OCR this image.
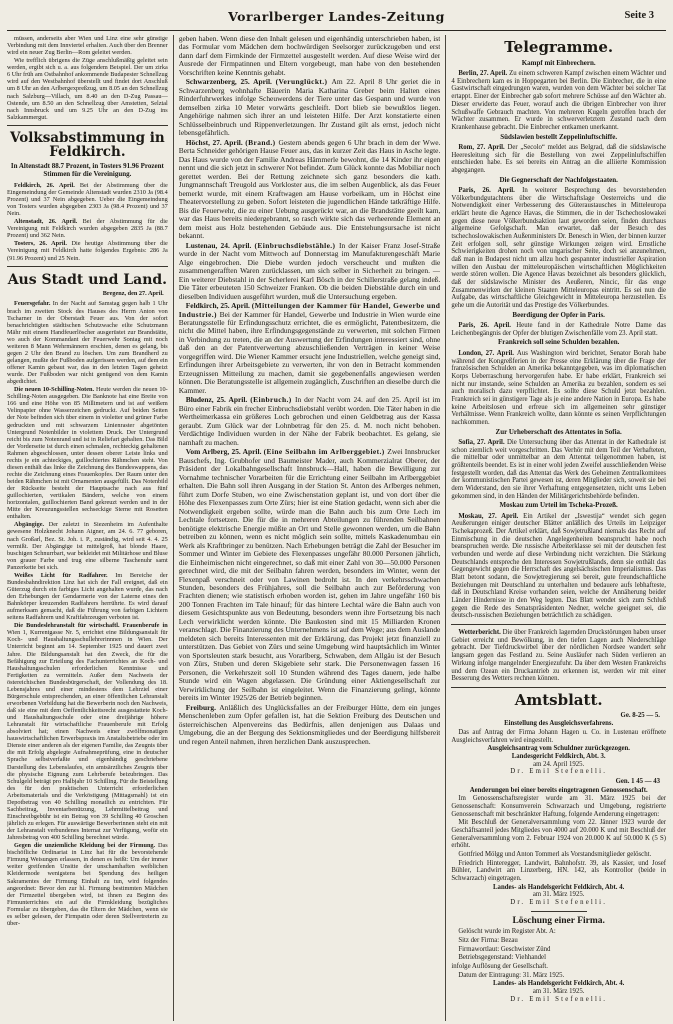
Vorarlberger Landes-Zeitung	Seite 3

müssen, anderseits aber Wien und Linz eine sehr günstige Verbindung mit dem Innviertel erhalten. Auch über den Brenner wird ein neuer Zug Berlin—Rom geleitet werden.

Wie trefflich übrigens die Züge anschlußmäßig geleitet sein werden, ergibt sich u. a. aus folgendem Beispiel. Der um zirka 6 Uhr früh am Ostbahnhof ankommende Budapester Schnellzug wird auf den Westbahnhof überstellt und findet dort Anschluß um 8 Uhr an den Arlbergexpreßzug, um 8.05 an den Schnellzug nach Salzburg—Villach, um 8.40 an den D-Zug Passau—Ostende, um 8.50 an den Schnellzug über Amstetten, Selztal nach Innsbruck und um 9.25 Uhr an den D-Zug ins Salzkammergut.

Volksabstimmung in Feldkirch.
In Altenstadt 88.7 Prozent, in Tosters 91.96 Prozent Stimmen für die Vereinigung.

Feldkirch, 26. April. Bei der Abstimmung über die Eingemeindung der Gemeinde Altenstadt wurden 2310 Ja (98.4 Prozent) und 37 Nein abgegeben. Ueber die Eingemeindung von Tosters wurden abgegeben 2303 Ja (98.4 Prozent) und 37 Nein.

Altenstadt, 26. April. Bei der Abstimmung für die Vereinigung mit Feldkirch wurden abgegeben 2835 Ja (88.7 Prozent) und 362 Nein.

Tosters, 26. April. Die heutige Abstimmung über die Vereinigung mit Feldkirch hatte folgendes Ergebnis: 286 Ja (91.96 Prozent) und 25 Nein.

Aus Stadt und Land.
Bregenz, den 27. April.

Feuersgefahr. In der Nacht auf Samstag gegen halb 1 Uhr brach im zweiten Stock des Hauses des Herrn Anton von Tscharner in der Oberstadt Feuer aus. Von der sofort benachrichtigten städtischen Schutzwache eilte Schutzmann Mähr mit einem Handfeuerlöscher ausgerüstet zur Brandstätte, wo auch der Kommandant der Feuerwehr Sontag mit noch weiteren 8 Mann Wehrmännern erschien, denen es gelang, bis gegen 2 Uhr den Brand zu löschen. Um zum Brandherd zu gelangen, mußte der Fußboden aufgerissen werden, auf dem ein offener Kamin gebaut war, das in den letzten Tagen geheizt wurde. Der Fußboden war nicht genügend von dem Kamin abgedichtet.

Die neuen 10-Schilling-Noten. Heute werden die neuen 10-Schilling-Noten ausgegeben. Die Banknote hat eine Breite von 166 und eine Höhe von 85 Millimetern und ist auf weißem Velinpapier ohne Wasserzeichen gedruckt. Auf beiden Seiten der Note befinden sich über einem in violetter und grüner Farbe gedruckten und mit schwarzem Linienraster abgetönten Untergrund Notenbilder in violettem Druck. Der Untergrund reicht bis zum Notenrand und ist in Reliefart gehalten. Das Bild der Vorderseite ist durch einen schmalen, rechteckig gehaltenen Rahmen abgeschlossen, unter dessen oberer Leiste links und rechts je ein achteckiges, guillochiertes Rähmchen steht. Von diesen enthält das linke die Zeichnung des Bundeswappens, das rechte die Zeichnung eines Frauenkopfes. Der Raum unter den beiden Rähmchen ist mit Ornamenten ausgefüllt. Das Notenbild der Rückseite besteht der Hauptsache nach aus fünf guillochierten, vertikalen Bändern, welche von einem horizontalen, guillochierten Band gekreuzt werden und in der Mitte der Kreuzungsstellen sechseckige Sterne mit Rosetten enthalten.

Abgängige. Der zuletzt in Siezenheim im Aufenthalte gewesene Holzknecht Johann Aigner, am 24. 6. 77 geboren, nach Großarl, Bez. St. Joh. i. P., zuständig, wird seit 4. 4. 25 vermißt. Der Abgängige ist mittelgroß, hat blonde Haare, buschigen Schnurrbart, war bekleidet mit Militärhose und Bluse von grauer Farbe und trug eine silberne Taschenuhr samt Panzerkette bei sich.

Weißes Licht für Radfahrer. Im Bereiche der Bundesbahndirektion Linz hat sich der Fall ereignet, daß ein Güterzug durch ein farbiges Licht angehalten wurde, das nach den Erhebungen der Gendarmerie von der Laterne eines den Bahnkörper kreuzenden Radfahrers herrührte. Es wird darauf aufmerksam gemacht, daß die Führung von farbigen Lichtern seitens Radfahrern und Kraftfahrzeugen verboten ist.

Die Bundeslehranstalt für wirtschaftl. Frauenberufe in Wien 1, Kurrentgasse Nr. 5, errichtet eine Bildungsanstalt für Koch- und Haushaltungsschullehrerinnnen in Wien. Der Unterricht beginnt am 14. September 1925 und dauert zwei Jahre. Die Bildungsanstalt hat den Zweck, die für die Befähigung zur Erteilung des Fachunterrichtes an Koch- und Haushaltungsschulen erforderlichen Kenntnisse und Fertigkeiten zu vermitteln. Außer dem Nachweis der östereichischen Bundesbürgerschaft, der Vollendung des 18. Lebensjahres und einer mindestens dem Lehrziel einer Bürgerschule entsprechenden, an einer öffentlichen Lehranstalt erworbenen Vorbildung hat die Bewerberin noch den Nachweis, daß sie eine mit dem Oeffentlichkeitsrecht ausgestattete Koch- und Haushaltungsschule oder eine dreijährige höhere Lehranstalt für wirtschaftliche Frauenberufe mit Erfolg absolviert hat; einen Nachweis einer zwölfmonatigen hauswirtschaftlichen Erwerbspraxis im Anstaltsbetriebe oder im Dienste einer anderen als der eigenen Familie, das Zeugnis über die mit Erfolg abgelegte Aufnahmeprüfung, eine in deutscher Sprache selbstverfaßte und eigenhändig geschriebene Darstellung des Lebenslaufes, ein amtsärztliches Zeugnis über die physische Eignung zum Lehrberufe beizubringen. Das Schulgeld beträgt pro Halbjahr 10 Schilling. Für die Beistellung des für den praktischen Unterricht erforderlichen Arbeitsmaterials und die Verköstigung (Mittagsmahl) ist ein Depotbetrag von 40 Schilling monatlich zu entrichten. Für Sachbeitrag, Inventarbenützung, Lehrmittelbeitrag und Einschreibgebühr ist ein Betrag von 39 Schilling 40 Groschen jährlich zu erlegen. Für auswärtige Bewerberinnen steht ein mit der Lehranstalt verbundenes Internat zur Verfügung, wofür ein Jahresbetrag von 400 Schilling berechnet würde.

Gegen die unziemliche Kleidung bei der Firmung. Das bischöfliche Ordinariat in Linz hat für die bevorstehende Firmung Weisungen erlassen, in denen es heißt: Um der immer weiter greifenden Unsitte der unschamhaften weiblichen Kleidermode wenigstens bei Spendung des heiligen Sakramentes der Firmung Einhalt zu tun, wird folgendes angeordnet: Bevor den zur hl. Firmung bestimmten Mädchen der Firmzettel übergeben wird, ist ihnen zu Beginn des Firmunterrichtes ein auf die Firmkleidung bezügliches Formular zu übergeben, das die Eltern der Mädchen, wenn sie es selber gelesen, der Firmpatin oder deren Stellvertreterin zu über-

geben haben. Wenn diese den Inhalt gelesen und eigenhändig unterschrieben haben, ist das Formular vom Mädchen dem hochwürdigen Seelsorger zurückzugeben und erst dann darf dem Firmkinde der Firmzettel ausgestellt werden. Auf diese Weise wird der Ausrede der Firmpatinnen und Eltern vorgebeugt, man habe von den bestehenden Vorschriften keine Kenntnis gehabt.

Schwarzenberg, 25. April. (Verunglückt.) Am 22. April 8 Uhr geriet die in Schwarzenberg wohnhafte Bäuerin Maria Katharina Greber beim Halten eines Rinderfuhrwerkes infolge Scheuwerdens der Tiere unter das Gespann und wurde von demselben zirka 10 Meter vorwärts geschleift. Dort blieb sie bewußtlos liegen. Angehörige nahmen sich ihrer an und leisteten Hilfe. Der Arzt konstatierte einen Schlüsselbeinbruch und Rippenverletzungen. Ihr Zustand gilt als ernst, jedoch nicht lebensgefährlich.

Höchst, 27. April. (Brand.) Gestern abends gegen 6 Uhr brach in dem der Wwe. Berta Schneider gehörigen Hause Feuer aus, das in kurzer Zeit das Haus in Asche legte. Das Haus wurde von der Familie Andreas Hämmerle bewohnt, die 14 Kinder ihr eigen nennt und die sich jetzt in schwerer Not befindet. Zum Glück konnte das Mobiliar noch gerettet werden. Bei der Rettung zeichnete sich ganz besonders die kath. Jungmannschaft Treugold aus Vorkloster aus, die im selben Augenblick, als das Feuer bemerkt wurde, mit einem Kraftwagen am Hause vorbeikam, um in Höchst eine Theatervorstellung zu geben. Sofort leisteten die jugendlichen Hände tatkräftige Hilfe. Bis die Feuerwehr, die zu einer Uebung ausgerückt war, an die Brandstätte geeilt kam, war das Haus bereits niedergebrannt, so rasch wirkte sich das verheerende Element an dem meist aus Holz bestehenden Gebäude aus. Die Entstehungsursache ist nicht bekannt.

Lustenau, 24. April. (Einbruchsdiebstähle.) In der Kaiser Franz Josef-Straße wurde in der Nacht vom Mittwoch auf Donnerstag im Manufakturengeschäft Marie Alge eingebrochen. Die Diebe wurden jedoch verscheucht und mußten die zusammengerafften Waren zurücklassen, um sich selber in Sicherheit zu bringen. — Ein weiterer Diebstahl in der Scherlerei Karl Bösch in der Schillerstraße gelang indeß. Die Täter erbeuteten 150 Schweizer Franken. Ob die beiden Diebstähle durch ein und dieselben Individuen ausgeführt wurden, muß die Untersuchung ergeben.

Feldkirch, 25. April. (Mitteilungen der Kammer für Handel, Gewerbe und Industrie.) Bei der Kammer für Handel, Gewerbe und Industrie in Wien wurde eine Beratungsstelle für Erfindungsschutz errichtet, die es ermöglicht, Patentbesitzern, die nicht die Mittel haben, ihre Erfindungsgegenstände zu verwerten, mit solchen Firmen in Verbindung zu treten, die an der Auswertung der Erfindungen interessiert sind, ohne daß den an der Patentverwertung abzuschließenden Verträgen in keiner Weise vorgegriffen wird. Die Wiener Kammer ersucht jene Industriellen, welche geneigt sind, Erfindungen ihrer Arbeitsgebiete zu verwerten, ihr von den in Betracht kommenden Erzeugnissen Mitteilung zu machen, damit sie gegebenenfalls angewiesen werden können. Die Beratungsstelle ist allgemein zugänglich, Zuschriften an dieselbe durch die Kammer.

Bludenz, 25. April. (Einbruch.) In der Nacht vom 24. auf den 25. April ist im Büro einer Fabrik ein frecher Einbruchsdiebstahl verübt worden. Die Täter haben in die Wertheimerkassa ein größeres Loch gebrochen und einen Geldbetrag aus der Kassa geraubt. Zum Glück war der Lohnbetrag für den 25. d. M. noch nicht behoben. Verdächtige Individuen wurden in der Nähe der Fabrik beobachtet. Es gelang, sie namhaft zu machen.

Vom Arlberg, 25. April. (Eine Seilbahn im Arlberggebiet.) Zwei Innsbrucker Bauschefs, Ing. Grubhofer und Baumeister Mader, auch Kommerzialrat Oberer, der Präsident der Lokalbahngesellschaft Innsbruck—Hall, haben die Bewilligung zur Vornahme technischer Vorarbeiten für die Errichtung einer Seilbahn im Arlberggebiet erhalten. Die Bahn soll ihren Ausgang in der Station St. Anton des Arlberges nehmen, führt zum Dorfe Stuben, wo eine Zwischenstation geplant ist, und von dort über die Höhe des Flexenpasses zum Orte Zürs; hier ist eine Station gedacht, wenn sich aber die Notwendigkeit ergeben sollte, würde man die Bahn auch bis zum Orte Lech im Lechtale fortsetzen. Die für die in mehreren Abteilungen zu führenden Seilbahnen benötigte elektrische Energie müßte an Ort und Stelle gewonnen werden, um die Bahn betreiben zu können, wenn es nicht möglich sein sollte, mittels Kaskadenumbau ein Werk als Kraftbringer zu benützen. Nach Erhebungen beträgt die Zahl der Besucher im Sommer und Winter im Gebiete des Flexenpasses ungefähr 80.000 Personen jährlich, die Einheimischen nicht eingerechnet, so daß mit einer Zahl von 30—50.000 Personen gerechnet wird, die mit der Seilbahn fahren werden, besonders im Winter, wenn der Flexenpaß verschneit oder von Lawinen bedroht ist. In den verkehrsschwachen Stunden, besonders des Frühjahres, soll die Seilbahn auch zur Beförderung von Frachten dienen; wie statistisch erhoben worden ist, gehen im Jahre ungefähr 160 bis 200 Tonnen Frachten im Tale hinauf; für das hintere Lechtal wäre die Bahn auch von diesem Gesichtspunkte aus von Bedeutung, besonders wenn ihre Fortsetzung bis nach Lech verwirklicht werden könnte. Die Baukosten sind mit 15 Milliarden Kronen veranschlagt. Die Finanzierung des Unternehmens ist auf dem Wege; aus dem Auslande meldeten sich bereits Interessenten mit der Erklärung, das Projekt jetzt finanziell zu unterstützen. Das Gebiet von Zürs und seine Umgebung wird hauptsächlich im Winter von Sportsleuten stark besucht, aus Vorarlberg, Schwaben, dem Allgäu ist der Besuch von Zürs, Stuben und deren Skigebiete sehr stark. Die Personenwagen fassen 16 Personen, die Verkehrszeit soll 10 Stunden während des Tages dauern, jede halbe Stunde wird ein Wagen abgelassen. Die Gründung einer Aktiengesellschaft zur Verwirklichung der Seilbahn ist eingeleitet. Wenn die Finanzierung gelingt, könnte bereits im Winter 1925/26 der Betrieb beginnen.

Freiburg. Anläßlich des Unglücksfalles an der Freiburger Hütte, dem ein junges Menschenleben zum Opfer gefallen ist, hat die Sektion Freiburg des Deutschen und österreichischen Alpenvereins das Bedürfnis, allen denjenigen aus Dalaas und Umgebung, die an der Bergung des Sektionsmitgliedes und der Beerdigung hilfsbereit und regen Anteil nahmen, ihren herzlichen Dank auszusprechen.

Telegramme.
Kampf mit Einbrechern.

Berlin, 27. April. Zu einem schweren Kampf zwischen einem Wächter und 4 Einbrechern kam es in Hoppegarten bei Berlin. Die Einbrecher, die in eine Gastwirtschaft eingedrungen waren, wurden von dem Wächter bei solcher Tat ertappt. Einer der Einbrecher gab sofort mehrere Schüsse auf den Wächter ab. Dieser erwiderte das Feuer, worauf auch die übrigen Einbrecher von ihrer Schußwaffe Gebrauch machten. Von mehreren Kugeln getroffen brach der Wächter zusammen. Er wurde in schwerverletztem Zustand nach dem Krankenhause gebracht. Die Einbrecher entkamen unerkannt.

Südslawien bestellt Zeppelinluftschiffe.

Rom, 27. April. Der „Secolo“ meldet aus Belgrad, daß die südslawische Heeresleitung sich für die Bestellung von zwei Zeppelinluftschiffen entschieden habe. Es sei bereits ein Antrag an die alliierte Kommission abgegangen.

Die Gegnerschaft der Nachfolgestaaten.

Paris, 26. April. In weiterer Besprechung des bevorstehenden Völkerbundgutachtens über die Wirtschaftslage Oesterreichs und die Notwendigkeit einer Verbesserung des Güteraustausches in Mitteleuropa erklärt heute die Agence Havas, die Stimmen, die in der Tschechoslowakei gegen diese neue Völkerbundsaktion laut geworden seien, finden durchaus allgemeine Gefolgschaft. Man erwartet, daß der Besuch des tschechoslowakischen Außenministers Dr. Benesch in Wien, der binnen kurzer Zeit erfolgen soll, sehr günstige Wirkungen zeigen wird. Ernstliche Schwierigkeiten drohen noch von ungarischer Seite, doch sei anzunehmen, daß man in Budapest nicht um allzu hoch gespannter industrieller Aspiration willen den Ausbau der mitteleuropäischen wirtschaftlichen Möglichkeiten werde stören wollen. Die Agence Havas bezeichnet als besonders glücklich, daß der südslawische Minister des Aeußeren, Nincic, für das enge Zusammenwirken der kleinen Staaten Mitteleuropas eintritt. Es sei nun die Aufgabe, das wirtschaftliche Gleichgewicht in Mitteleuropa herzustellen. Es gehe um die Autorität und das Prestige des Völkerbundes.

Beerdigung der Opfer in Paris.

Paris, 26. April. Heute fand in der Kathedrale Notre Dame das Leichenbegängnis der Opfer der blutigen Zwischenfälle vom 23. April statt.

Frankreich soll seine Schulden bezahlen.

London, 27. April. Aus Washington wird berichtet, Senator Borah habe während der Kongreßferien in der Presse eine Erklärung über die Frage der französischen Schulden an Amerika bekanntgegeben, was im diplomatischen Korps Ueberraschung hervorgerufen habe. Er habe erklärt, Frankreich sei nicht nur imstande, seine Schulden an Amerika zu bezahlen, sondern es sei auch moralisch dazu verpflichtet. Es sollte diese Schuld jetzt bezahlen. Frankreich sei in günstigere Tage als je eine andere Nation in Europa. Es habe keine Arbeitslosen und erfreue sich im allgemeinen sehr günstiger Verhältnisse. Wenn Frankreich wollte, dann könnte es seinen Verpflichtungen nachkommen.

Zur Urheberschaft des Attentates in Sofia.

Sofia, 27. April. Die Untersuchung über das Attentat in der Kathedrale ist schon ziemlich weit vorgeschritten. Das Verhör mit dem Teil der Verhafteten, die mittelbar oder unmittelbar an dem Attentat teilgenommen haben, ist größtenteils beendet. Es ist in einer wohl jeden Zweifel ausschließenden Weise festgestellt worden, daß das Attentat das Werk des Geheimen Zentralkomitees der kommunistischen Partei gewesen ist, deren Mitglieder sich, soweit sie bei dem Widerstand, den sie ihrer Verhaftung entgegensetzten, nicht ums Leben gekommen sind, in den Händen der Militärgerichtsbehörde befinden.

Moskau zum Urteil im Tscheka-Prozeß.

Moskau, 27. April. Ein Artikel der „Iswestija“ wendet sich gegen Aeußerungen einiger deutscher Blätter anläßlich des Urteils im Leipziger Tschekaprozeß. Der Artikel erklärt, daß Sowjetrußland niemals das Recht auf Einmischung in die deutschen Angelegenheiten beansprucht habe noch beanspruchen werde. Die russische Arbeiterklasse sei mit der deutschen fest verbunden und werde auf diese Verbindung nicht verzichten. Die Stärkung Deutschlands entspreche den Interessen Sowjetrußlands, denn sie enthält das Gegengewicht gegen die Herrschaft des angelsächsischen Imperialismus. Das Blatt betont sodann, die Sowjetregierung sei bereit, gute freundschaftliche Beziehungen mit Deutschland zu unterhalten und bedauere aufs lebhafteste, daß in Deutschland Kreise vorhanden seien, welche der Annäherung beider Länder Hindernisse in den Weg legten. Das Blatt wendet sich zum Schluß gegen die Rede des Senatspräsidenten Nedner, welche geeignet sei, die deutsch-russischen Beziehungen beträchtlich zu schädigen.

Wetterbericht. Die über Frankreich lagernden Druckstörungen haben unser Gebiet erreicht und Bewölkung, in den tiefen Lagen auch Niederschläge gebracht. Der Tiefdruckwirbel über der nördlichen Nordsee wandert sehr langsam gegen das Festland zu. Seine Ausläufer nach Süden verlieren an Wirkung infolge mangelnder Energiezufuhr. Da über dem Westen Frankreichs und dem Ozean ein Druckantrieb zu erkennen ist, werden wir mit einer Besserung des Wetters rechnen können.

Amtsblatt.
Ge. 8-25 — 5.
Einstellung des Ausgleichsverfahrens.

Das auf Antrag der Firma Johann Hagen u. Co. in Lustenau eröffnete Ausgleichsverfahren wird eingestellt.

Ausgleichsantrag vom Schuldner zurückgezogen.
Landesgericht Feldkirch, Abt. 3.
am 24. April 1925.
Dr. Emil Stefenelli.
Gen. 1 45 — 43
Aenderungen bei einer bereits eingetragenen Genossenschaft.

Im Genossenschaftsregister wurde am 31. März 1925 bei der Genossenschaft: Konsumverein Schwarzach und Umgebung, registrierte Genossenschaft mit beschränkter Haftung, folgende Aenderung eingetragen:

Mit Beschluß der Generalversammlung vom 22. Jänner 1923 wurde der Geschäftsanteil jedes Mitgliedes von 4000 auf 20.000 K und mit Beschluß der Generalversammlung vom 2. Februar 1924 von 20.000 K auf 50.000 K (5 S) erhöht.

Gottfried Mölgg und Anton Tommerl als Vorstandsmitglieder gelöscht.

Friedrich Hinteregger, Landwirt, Bahnhofstr. 39, als Kassier, und Josef Bühler, Landwirt am Linzerberg, HN. 142, als Kontrollor (beide in Schwarzach) eingetragen.

Landes- als Handelsgericht Feldkirch, Abt. 4.
am 31. März 1925.
Dr. Emil Stefenelli.
Löschung einer Firma.

Gelöscht wurde im Register Abt. A:

Sitz der Firma: Bezau

Firmawortlaut: Geschwister Zünd

Betriebsgegenstand: Viehhandel

infolge Auflösung der Gesellschaft.

Datum der Eintragung: 31. März 1925.

Landes- als Handelsgericht Feldkirch, Abt. 4.
am 31. März 1925.
Dr. Emil Stefenelli.
